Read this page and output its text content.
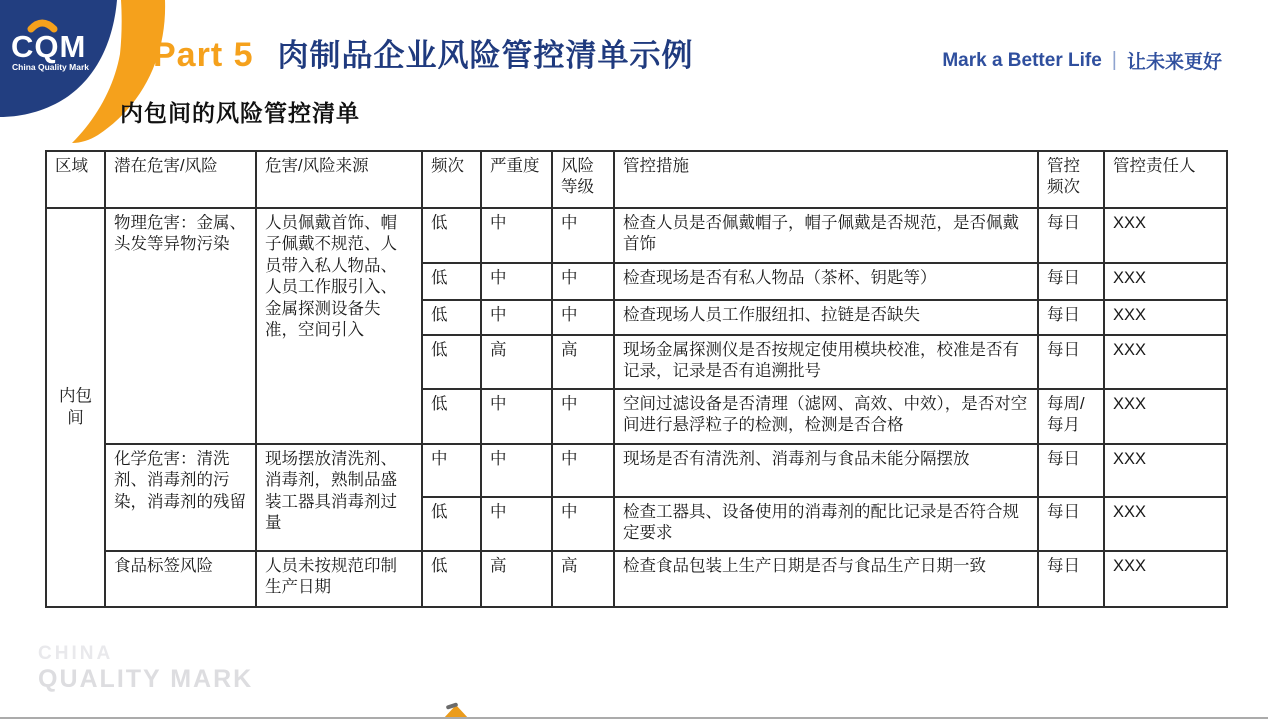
CQM
China Quality Mark Part 5 肉制品企业风险管控清单示例	Mark a Better Life | 让未来更好
内包间的风险管控清单
区域	潜在危害/风险	危害/风险来源	频次	严重度	风险等级	管控措施	管控频次	管控责任人
内包间	物理危害：金属、头发等异物污染	人员佩戴首饰、帽子佩戴不规范、人员带入私人物品、人员工作服引入、金属探测设备失准，空间引入	低	中	中	检查人员是否佩戴帽子，帽子佩戴是否规范，是否佩戴首饰	每日	XXX
			低	中	中	检查现场是否有私人物品（茶杯、钥匙等）	每日	XXX
			低	中	中	检查现场人员工作服纽扣、拉链是否缺失	每日	XXX
			低	高	高	现场金属探测仪是否按规定使用模块校准，校准是否有记录，记录是否有追溯批号	每日	XXX
			低	中	中	空间过滤设备是否清理（滤网、高效、中效），是否对空间进行悬浮粒子的检测，检测是否合格	每周/每月	XXX
	化学危害：清洗剂、消毒剂的污染，消毒剂的残留	现场摆放清洗剂、消毒剂，熟制品盛装工器具消毒剂过量	中	中	中	现场是否有清洗剂、消毒剂与食品未能分隔摆放	每日	XXX
			低	中	中	检查工器具、设备使用的消毒剂的配比记录是否符合规定要求	每日	XXX
	食品标签风险	人员未按规范印制生产日期	低	高	高	检查食品包装上生产日期是否与食品生产日期一致	每日	XXX
CHINA
QUALITY MARK
